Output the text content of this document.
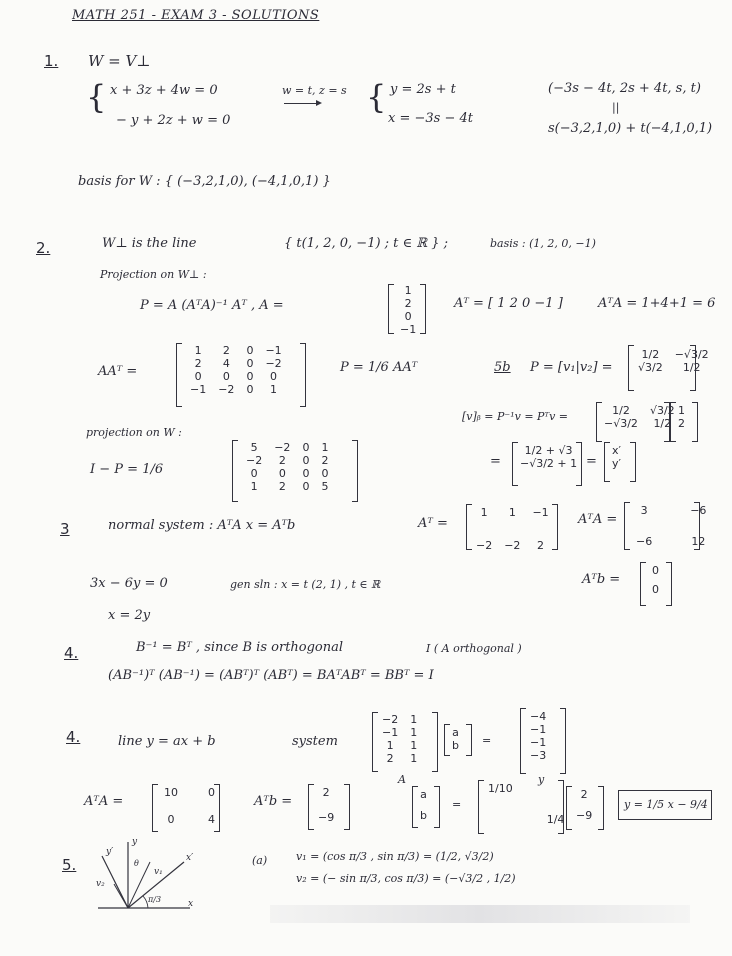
MATH 251 - EXAM 3 - SOLUTIONS
1. W = V⊥
{ x + 3z + 4w = 0
− y + 2z + w = 0
w = t, z = s { y = 2s + t
x = −3s − 4t
(−3s − 4t, 2s + 4t, s, t)
||
s(−3,2,1,0) + t(−4,1,0,1)
basis for W : { (−3,2,1,0), (−4,1,0,1) }
2.	W⊥ is the line	{ t(1, 2, 0, −1) ; t ∈ ℝ } ;	basis : (1, 2, 0, −1)
Projection on W⊥ :
P = A (AᵀA)⁻¹ Aᵀ , A =
1
2
0
−1
Aᵀ = [ 1 2 0 −1 ]	AᵀA = 1+4+1 = 6
AAᵀ =
1	2	0	−1
2	4	0	−2
0	0	0	0
−1	−2	0	1
P = 1/6 AAᵀ	5b P = [v₁|v₂] =
1/2	−√3/2
√3/2	1/2
[v]ᵦ = P⁻¹v = Pᵀv =	1/2	√3/2
−√3/2	1/2
1
2
=
1/2 + √3
−√3/2 + 1 =
x′
y′
projection on W :
I − P = 1/6
5	−2	0	1
−2	2	0	2
0	0	0	0
1	2	0	5
3	normal system : AᵀA x = Aᵀb	Aᵀ =
1	1	−1

−2	−2	2
AᵀA =
3		−6

−6		12
3x − 6y = 0	gen sln : x = t (2, 1) , t ∈ ℝ
x = 2y
Aᵀb =
0

0
4.	B⁻¹ = Bᵀ , since B is orthogonal	I ( A orthogonal )
(AB⁻¹)ᵀ (AB⁻¹) = (ABᵀ)ᵀ (ABᵀ) = BAᵀABᵀ = BBᵀ = I
4.	line y = ax + b	system
−2	1
−1	1
1	1
2	1
A
a
b =
−4
−1
−1
−3
y
AᵀA =
10		0

0		4
Aᵀb =
2

−9
a

b
=
1/10		

		1/4
2

−9
y = 1/5 x − 9/4
5.
y
y′
x′
x
v₁
v₂
π/3
θ	(a)	v₁ = (cos π/3 , sin π/3) = (1/2, √3/2)
v₂ = (− sin π/3, cos π/3) = (−√3/2 , 1/2)
